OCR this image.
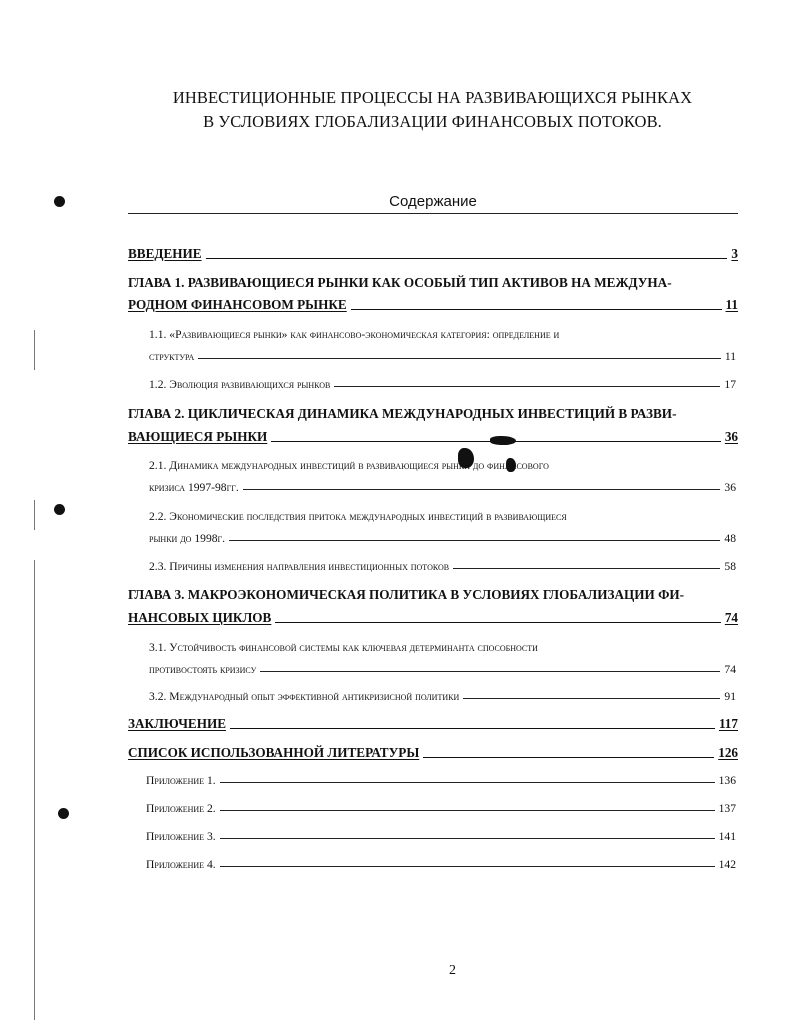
ИНВЕСТИЦИОННЫЕ ПРОЦЕССЫ НА РАЗВИВАЮЩИХСЯ РЫНКАХ
В УСЛОВИЯХ ГЛОБАЛИЗАЦИИ ФИНАНСОВЫХ ПОТОКОВ.
Содержание
ВВЕДЕНИЕ	3
ГЛАВА 1. РАЗВИВАЮЩИЕСЯ РЫНКИ КАК ОСОБЫЙ ТИП АКТИВОВ НА МЕЖДУНА-
РОДНОМ ФИНАНСОВОМ РЫНКЕ	11
1.1. «Развивающиеся рынки» как финансово-экономическая категория: определение и
структура	11
1.2. Эволюция развивающихся рынков	17
ГЛАВА 2. ЦИКЛИЧЕСКАЯ ДИНАМИКА МЕЖДУНАРОДНЫХ ИНВЕСТИЦИЙ В РАЗВИ-
ВАЮЩИЕСЯ РЫНКИ	36
2.1. Динамика международных инвестиций в развивающиеся рынки до финансового
кризиса 1997-98гг.	36
2.2. Экономические последствия притока международных инвестиций в развивающиеся
рынки до 1998г.	48
2.3. Причины изменения направления инвестиционных потоков	58
ГЛАВА 3. МАКРОЭКОНОМИЧЕСКАЯ ПОЛИТИКА В УСЛОВИЯХ ГЛОБАЛИЗАЦИИ ФИ-
НАНСОВЫХ ЦИКЛОВ	74
3.1. Устойчивость финансовой системы как ключевая детерминанта способности
противостоять кризису	74
3.2. Международный опыт эффективной антикризисной политики	91
ЗАКЛЮЧЕНИЕ	117
СПИСОК ИСПОЛЬЗОВАННОЙ ЛИТЕРАТУРЫ	126
Приложение 1.	136
Приложение 2.	137
Приложение 3.	141
Приложение 4.	142
2
